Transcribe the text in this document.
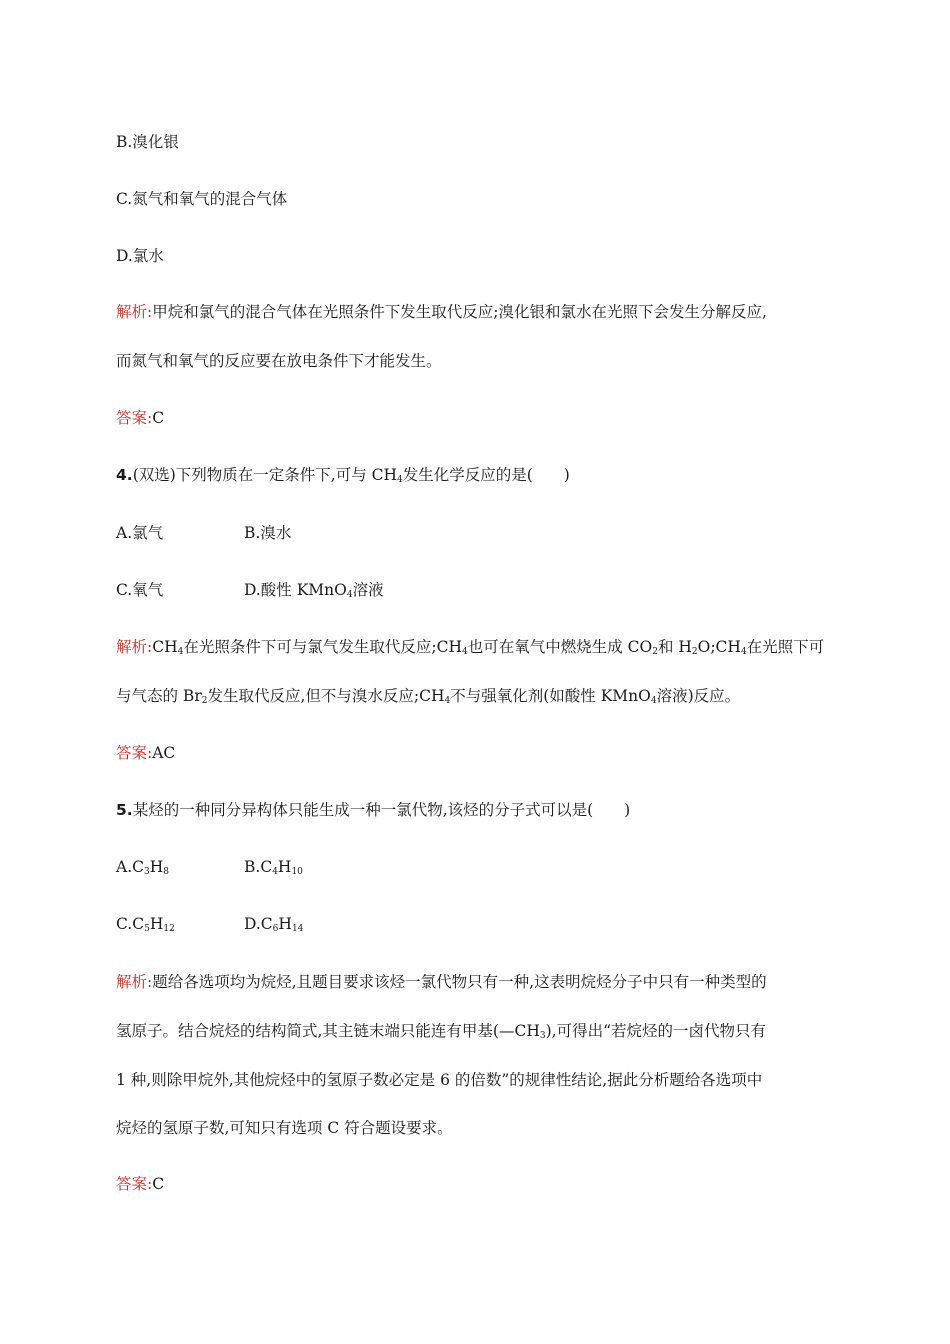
B.溴化银
C.氮气和氧气的混合气体
D.氯水
解析:甲烷和氯气的混合气体在光照条件下发生取代反应;溴化银和氯水在光照下会发生分解反应,
而氮气和氧气的反应要在放电条件下才能发生。
答案:C
4.(双选)下列物质在一定条件下,可与 $CH_4$发生化学反应的是(　　)
A.氯气	B.溴水
C.氧气	D.酸性 KMnO$_4$溶液
解析$:CH_4$在光照条件下可与氯气发生取代反应$;CH_4$也可在氧气中燃烧生成 $CO_2$和 $H_2O;CH_4$在光照下可
与气态的 $Br_2$发生取代反应,但不与溴水反应$;CH_4$不与强氧化剂(如酸性 KMnO$_4$溶液)反应。
答案:AC
5.某烃的一种同分异构体只能生成一种一氯代物,该烃的分子式可以是(　　)
$A.C_3H_8$	$B.C_4H_{10}$
$C.C_5H_{12}$	$D.C_6H_{14}$
解析:题给各选项均为烷烃,且题目要求该烃一氯代物只有一种,这表明烷烃分子中只有一种类型的
氢原子。结合烷烃的结构简式,其主链末端只能连有甲基$(—CH_3)$,可得出“若烷烃的一卤代物只有
1 种,则除甲烷外,其他烷烃中的氢原子数必定是 6 的倍数”的规律性结论,据此分析题给各选项中
烷烃的氢原子数,可知只有选项 C 符合题设要求。
答案:C
